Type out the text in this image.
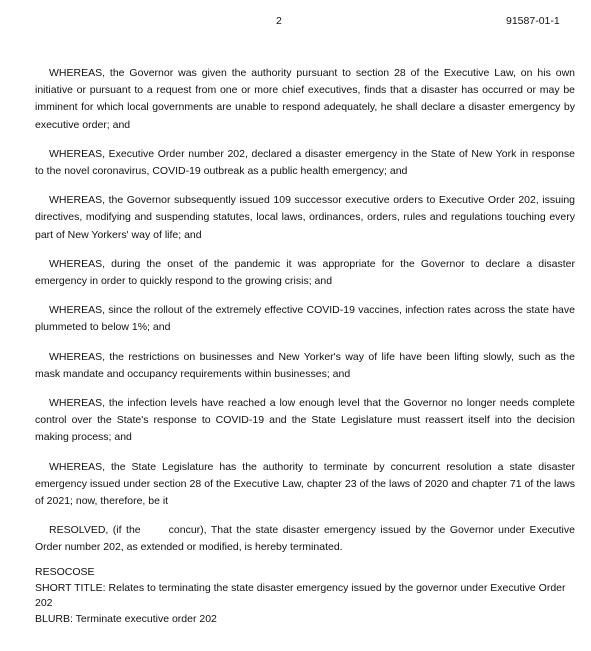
2	91587-01-1

WHEREAS, the Governor was given the authority pursuant to section 28 of the Executive Law, on his own initiative or pursuant to a request from one or more chief executives, finds that a disaster has occurred or may be imminent for which local governments are unable to respond adequately, he shall declare a disaster emergency by executive order; and

WHEREAS, Executive Order number 202, declared a disaster emergency in the State of New York in response to the novel coronavirus, COVID-19 outbreak as a public health emergency; and

WHEREAS, the Governor subsequently issued 109 successor executive orders to Executive Order 202, issuing directives, modifying and suspending statutes, local laws, ordinances, orders, rules and regulations touching every part of New Yorkers' way of life; and

WHEREAS, during the onset of the pandemic it was appropriate for the Governor to declare a disaster emergency in order to quickly respond to the growing crisis; and

WHEREAS, since the rollout of the extremely effective COVID-19 vaccines, infection rates across the state have plummeted to below 1%; and

WHEREAS, the restrictions on businesses and New Yorker's way of life have been lifting slowly, such as the mask mandate and occupancy requirements within businesses; and

WHEREAS, the infection levels have reached a low enough level that the Governor no longer needs complete control over the State's response to COVID-19 and the State Legislature must reassert itself into the decision making process; and

WHEREAS, the State Legislature has the authority to terminate by concurrent resolution a state disaster emergency issued under section 28 of the Executive Law, chapter 23 of the laws of 2020 and chapter 71 of the laws of 2021; now, therefore, be it

RESOLVED, (if the	concur), That the state disaster emergency issued by the Governor under Executive Order number 202, as extended or modified, is hereby terminated.

RESOCOSE
SHORT TITLE: Relates to terminating the state disaster emergency issued by the governor under Executive Order 202
BLURB: Terminate executive order 202
